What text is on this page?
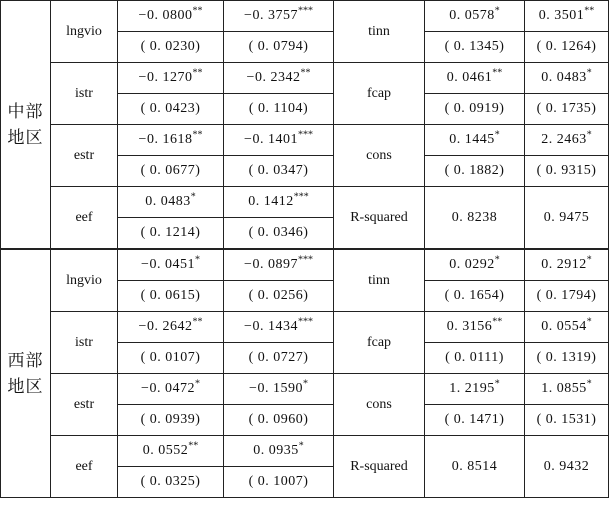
中部
地区	lngvio	−0. 0800**	−0. 3757***	tinn	0. 0578*	0. 3501**
		( 0. 0230)	( 0. 0794)		( 0. 1345)	( 0. 1264)
	istr	−0. 1270**	−0. 2342**	fcap	0. 0461**	0. 0483*
		( 0. 0423)	( 0. 1104)		( 0. 0919)	( 0. 1735)
	estr	−0. 1618**	−0. 1401***	cons	0. 1445*	2. 2463*
		( 0. 0677)	( 0. 0347)		( 0. 1882)	( 0. 9315)
	eef	0. 0483*	0. 1412***	R-squared	0. 8238	0. 9475
		( 0. 1214)	( 0. 0346)			

西部
地区	lngvio	−0. 0451*	−0. 0897***	tinn	0. 0292*	0. 2912*
		( 0. 0615)	( 0. 0256)		( 0. 1654)	( 0. 1794)
	istr	−0. 2642**	−0. 1434***	fcap	0. 3156**	0. 0554*
		( 0. 0107)	( 0. 0727)		( 0. 0111)	( 0. 1319)
	estr	−0. 0472*	−0. 1590*	cons	1. 2195*	1. 0855*
		( 0. 0939)	( 0. 0960)		( 0. 1471)	( 0. 1531)
	eef	0. 0552**	0. 0935*	R-squared	0. 8514	0. 9432
		( 0. 0325)	( 0. 1007)			
